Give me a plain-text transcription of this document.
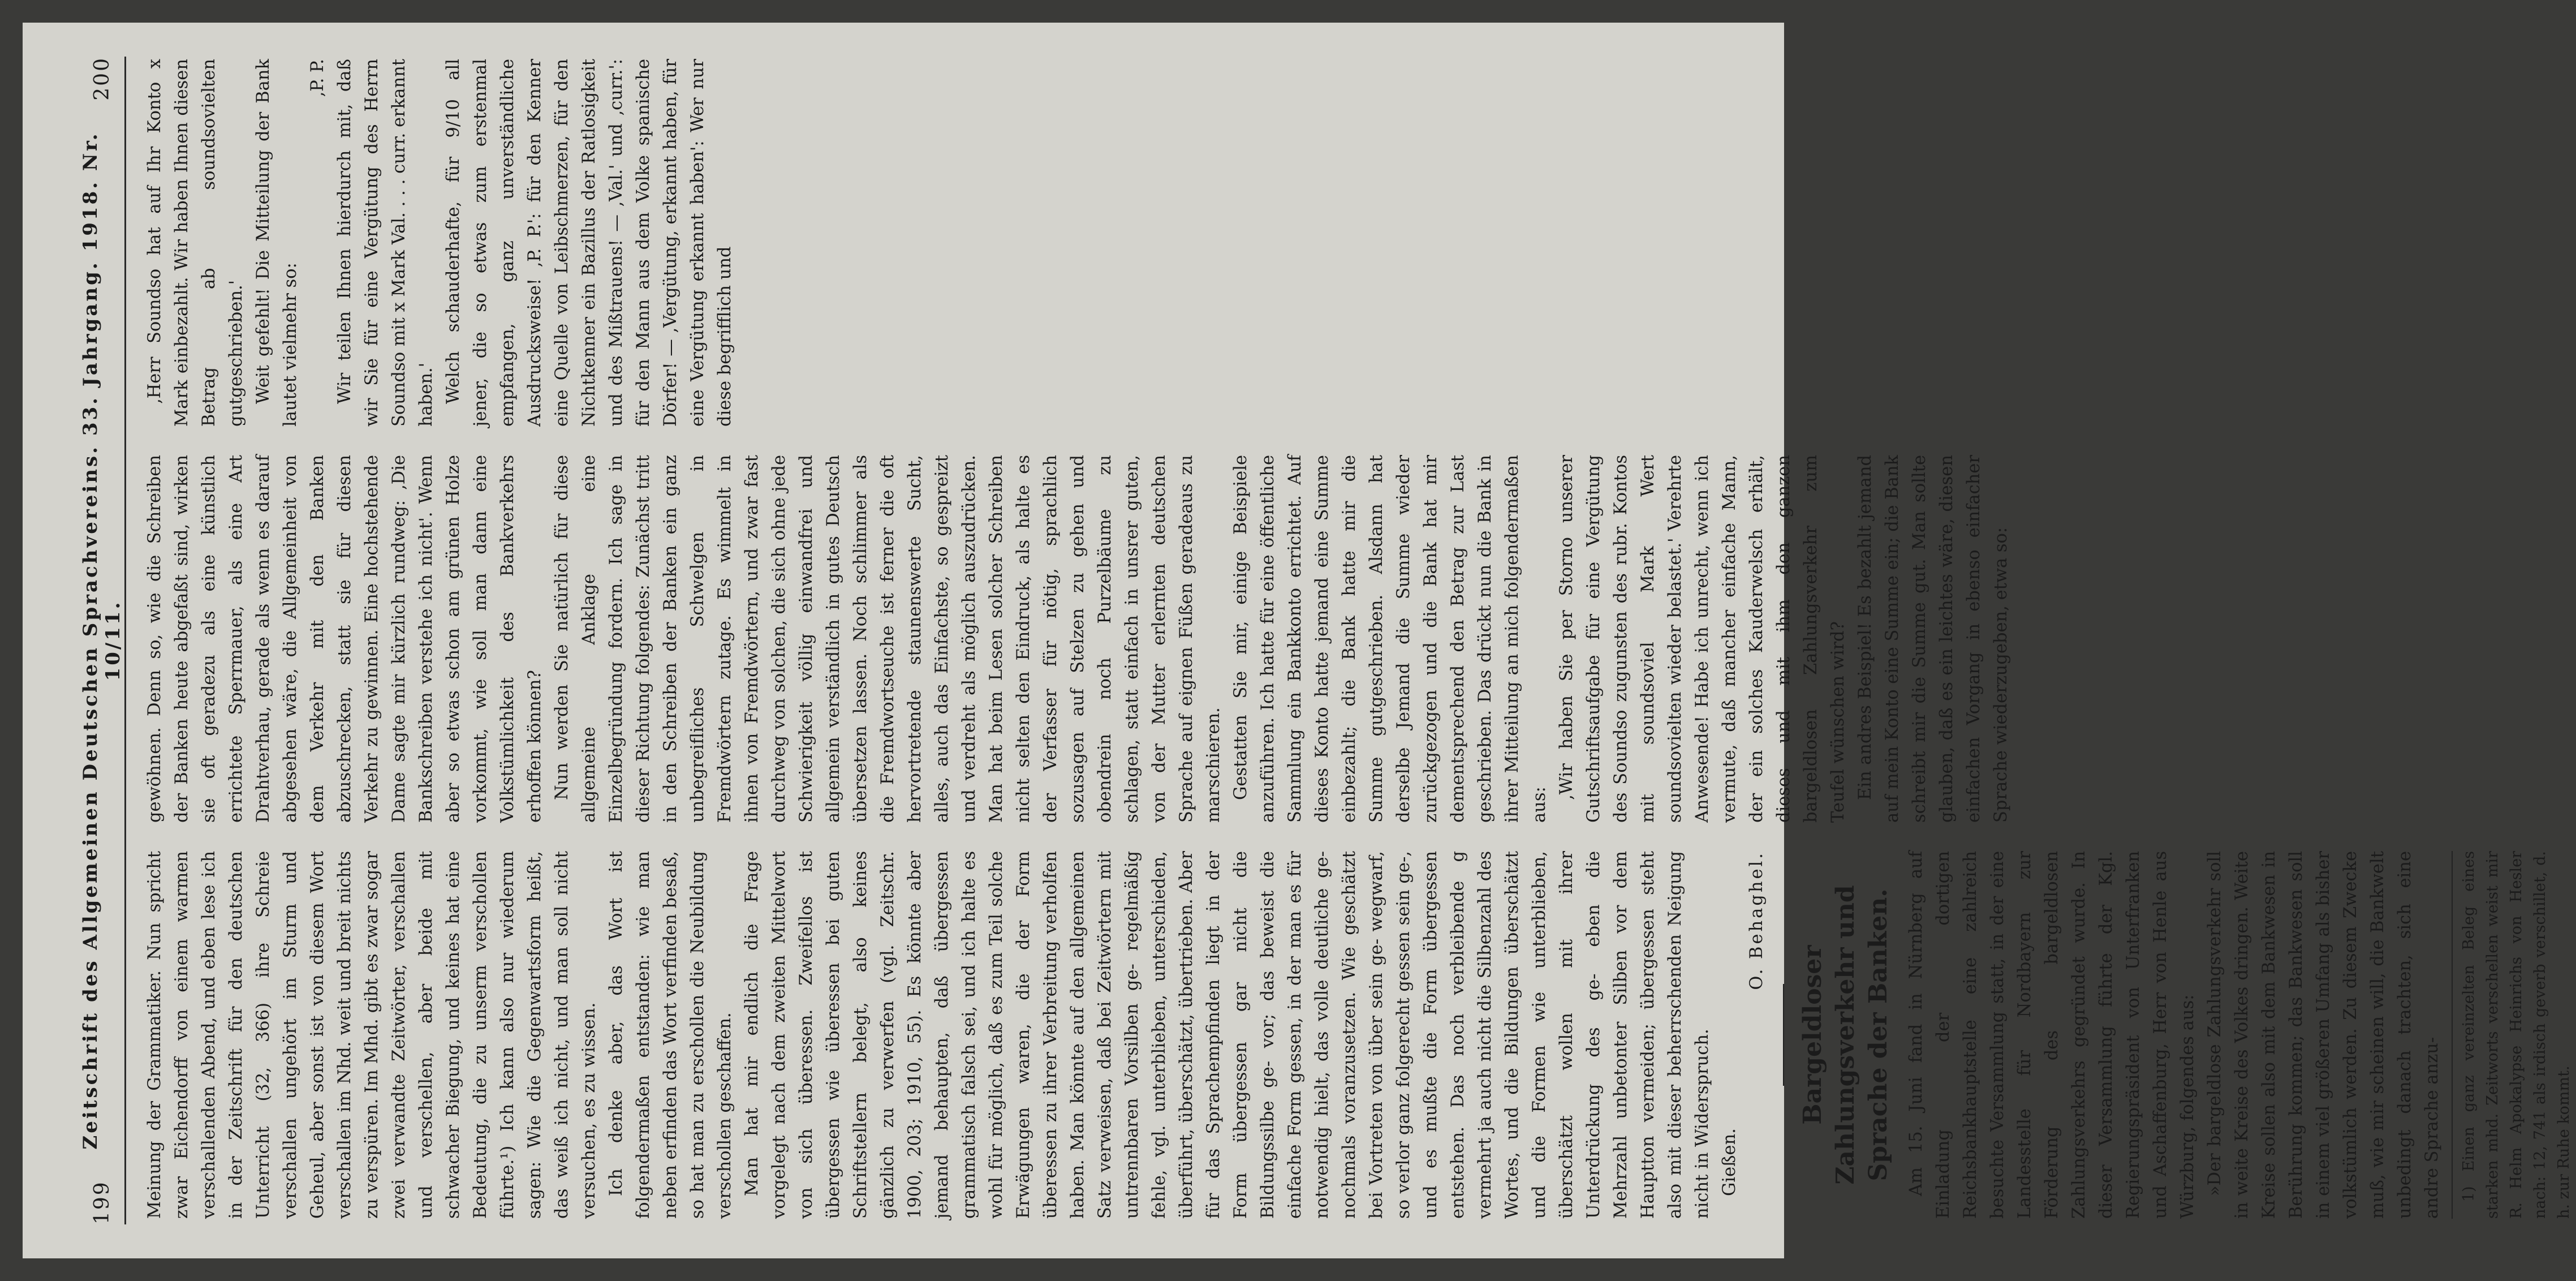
199
Zeitschrift des Allgemeinen Deutschen Sprachvereins. 33. Jahrgang. 1918. Nr. 10/11.
200

Meinung der Grammatiker. Nun spricht zwar Eichendorff von einem warmen verschallenden Abend, und eben lese ich in der Zeitschrift für den deutschen Unterricht (32, 366) ihre Schreie verschallen ungehört im Sturm und Geheul, aber sonst ist von diesem Wort verschallen im Nhd. weit und breit nichts zu verspüren. Im Mhd. gibt es zwar sogar zwei verwandte Zeitwörter, verschallen und verschellen, aber beide mit schwacher Biegung, und keines hat eine Bedeutung, die zu unserm verschollen führte.¹) Ich kann also nur wiederum sagen: Wie die Gegenwartsform heißt, das weiß ich nicht, und man soll nicht versuchen, es zu wissen. Ich denke aber, das Wort ist folgendermaßen entstanden: wie man neben erfinden das Wort verfinden besaß, so hat man zu erschollen die Neubildung verschollen geschaffen. Man hat mir endlich die Frage vorgelegt nach dem zweiten Mittelwort von sich überessen. Zweifellos ist übergessen wie überessen bei guten Schriftstellern belegt, also keines gänzlich zu verwerfen (vgl. Zeitschr. 1900, 203; 1910, 55). Es könnte aber jemand behaupten, daß übergessen grammatisch falsch sei, und ich halte es wohl für möglich, daß es zum Teil solche Erwägungen waren, die der Form überessen zu ihrer Verbreitung verholfen haben. Man könnte auf den allgemeinen Satz verweisen, daß bei Zeitwörtern mit untrennbaren Vorsilben ge- regelmäßig fehle, vgl. unterblieben, unterschieden, überführt, überschätzt, übertrieben. Aber für das Sprachempfinden liegt in der Form übergessen gar nicht die Bildungssilbe ge- vor; das beweist die einfache Form gessen, in der man es für notwendig hielt, das volle deutliche ge- nochmals voranzusetzen. Wie geschätzt bei Vortreten von über sein ge- wegwarf, so verlor ganz folgerecht gessen sein ge-, und es mußte die Form übergessen entstehen. Das noch verbleibende g vermehrt ja auch nicht die Silbenzahl des Wortes, und die Bildungen überschätzt und die Formen wie unterblieben, überschätzt wollen mit ihrer Unterdrückung des ge- eben die Mehrzahl unbetonter Silben vor dem Hauptton vermeiden; übergessen steht also mit dieser beherrschenden Neigung nicht in Widerspruch. Gießen.

O. Behaghel.

Bargeldloser Zahlungsverkehr und Sprache der Banken. Am 15. Juni fand in Nürnberg auf Einladung der dortigen Reichsbankhauptstelle eine zahlreich besuchte Versammlung statt, in der eine Landesstelle für Nordbayern zur Förderung des bargeldlosen Zahlungsverkehrs gegründet wurde. In dieser Versammlung führte der Kgl. Regierungspräsident von Unterfranken und Aschaffenburg, Herr von Henle aus Würzburg, folgendes aus: »Der bargeldlose Zahlungsverkehr soll in weite Kreise des Volkes dringen. Weite Kreise sollen also mit dem Bankwesen in Berührung kommen; das Bankwesen soll in einem viel größeren Umfang als bisher volkstümlich werden. Zu diesem Zwecke muß, wie mir scheinen will, die Bankwelt unbedingt danach trachten, sich eine andre Sprache anzu-	1) Einen ganz vereinzelten Beleg eines starken mhd. Zeitworts verschellen weist mir R. Helm Apokalypse Heinrichs von Hesler nach: 12, 741 als irdisch geverb verschillet, d. h. zur Ruhe kommt.

gewöhnen. Denn so, wie die Schreiben der Banken heute abgefaßt sind, wirken sie oft geradezu als eine künstlich errichtete Sperrmauer, als eine Art Drahtverhau, gerade als wenn es darauf abgesehen wäre, die Allgemeinheit von dem Verkehr mit den Banken abzuschrecken, statt sie für diesen Verkehr zu gewinnen. Eine hochstehende Dame sagte mir kürzlich rundweg: ‚Die Bankschreiben verstehe ich nicht'. Wenn aber so etwas schon am grünen Holze vorkommt, wie soll man dann eine Volkstümlichkeit des Bankverkehrs erhoffen können? Nun werden Sie natürlich für diese allgemeine Anklage eine Einzelbegründung fordern. Ich sage in dieser Richtung folgendes: Zunächst tritt in den Schreiben der Banken ein ganz unbegreifliches Schwelgen in Fremdwörtern zutage. Es wimmelt in ihnen von Fremdwörtern, und zwar fast durchweg von solchen, die sich ohne jede Schwierigkeit völlig einwandfrei und allgemein verständlich in gutes Deutsch übersetzen lassen. Noch schlimmer als die Fremdwortseuche ist ferner die oft hervortretende staunenswerte Sucht, alles, auch das Einfachste, so gespreizt und verdreht als möglich auszudrücken. Man hat beim Lesen solcher Schreiben nicht selten den Eindruck, als halte es der Verfasser für nötig, sprachlich sozusagen auf Stelzen zu gehen und obendrein noch Purzelbäume zu schlagen, statt einfach in unsrer guten, von der Mutter erlernten deutschen Sprache auf eignen Füßen geradeaus zu marschieren. Gestatten Sie mir, einige Beispiele anzuführen. Ich hatte für eine öffentliche Sammlung ein Bankkonto errichtet. Auf dieses Konto hatte jemand eine Summe einbezahlt; die Bank hatte mir die Summe gutgeschrieben. Alsdann hat derselbe Jemand die Summe wieder zurückgezogen und die Bank hat mir dementsprechend den Betrag zur Last geschrieben. Das drückt nun die Bank in ihrer Mitteilung an mich folgendermaßen aus:

‚Wir haben Sie per Storno unserer Gutschriftsaufgabe für eine Vergütung des Soundso zugunsten des rubr. Kontos mit soundsoviel Mark Wert soundsovielten wieder belastet.' Verehrte Anwesende! Habe ich unrecht, wenn ich vermute, daß mancher einfache Mann, der ein solches Kauderwelsch erhält, dieses und mit ihm den ganzen bargeldlosen Zahlungsverkehr zum Teufel wünschen wird? Ein andres Beispiel! Es bezahlt jemand auf mein Konto eine Summe ein; die Bank schreibt mir die Summe gut. Man sollte glauben, daß es ein leichtes wäre, diesen einfachen Vorgang in ebenso einfacher Sprache wiederzugeben, etwa so:

‚Herr Soundso hat auf Ihr Konto x Mark einbezahlt. Wir haben Ihnen diesen Betrag ab soundsovielten gutgeschrieben.' Weit gefehlt! Die Mitteilung der Bank lautet vielmehr so:

‚P. P. Wir teilen Ihnen hierdurch mit, daß wir Sie für eine Vergütung des Herrn Soundso mit x Mark Val. . . . curr. erkannt haben.' Welch schauderhafte, für 9/10 all jener, die so etwas zum erstenmal empfangen, ganz unverständliche Ausdrucksweise! ‚P. P.': für den Kenner eine Quelle von Leibschmerzen, für den Nichtkenner ein Bazillus der Ratlosigkeit und des Mißtrauens! — ‚Val.' und ‚curr.': für den Mann aus dem Volke spanische Dörfer! — ‚Vergütung, erkannt haben, für eine Vergütung erkannt haben': Wer nur diese begrifflich und
